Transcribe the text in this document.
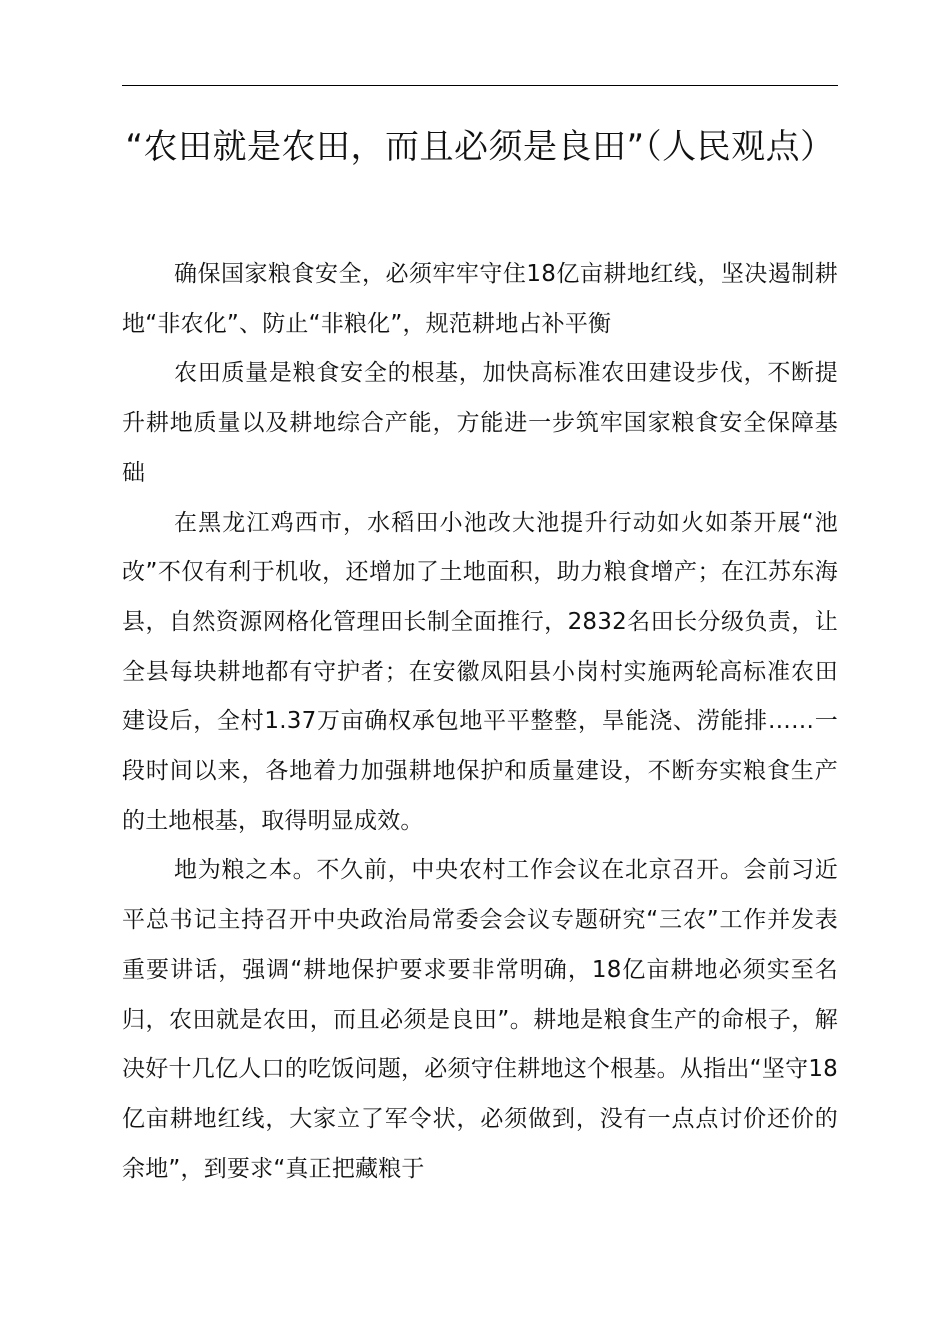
“农田就是农田，而且必须是良田”（人民观点）

确保国家粮食安全，必须牢牢守住18亿亩耕地红线，坚决遏制耕地“非农化”、防止“非粮化”，规范耕地占补平衡

农田质量是粮食安全的根基，加快高标准农田建设步伐，不断提升耕地质量以及耕地综合产能，方能进一步筑牢国家粮食安全保障基础

在黑龙江鸡西市，水稻田小池改大池提升行动如火如荼开展“池改”不仅有利于机收，还增加了土地面积，助力粮食增产；在江苏东海县，自然资源网格化管理田长制全面推行，2832名田长分级负责，让全县每块耕地都有守护者；在安徽凤阳县小岗村实施两轮高标准农田建设后，全村1.37万亩确权承包地平平整整，旱能浇、涝能排……一段时间以来，各地着力加强耕地保护和质量建设，不断夯实粮食生产的土地根基，取得明显成效。

地为粮之本。不久前，中央农村工作会议在北京召开。会前习近平总书记主持召开中央政治局常委会会议专题研究“三农”工作并发表重要讲话，强调“耕地保护要求要非常明确，18亿亩耕地必须实至名归，农田就是农田，而且必须是良田”。耕地是粮食生产的命根子，解决好十几亿人口的吃饭问题，必须守住耕地这个根基。从指出“坚守18亿亩耕地红线，大家立了军令状，必须做到，没有一点点讨价还价的余地”，到要求“真正把藏粮于
